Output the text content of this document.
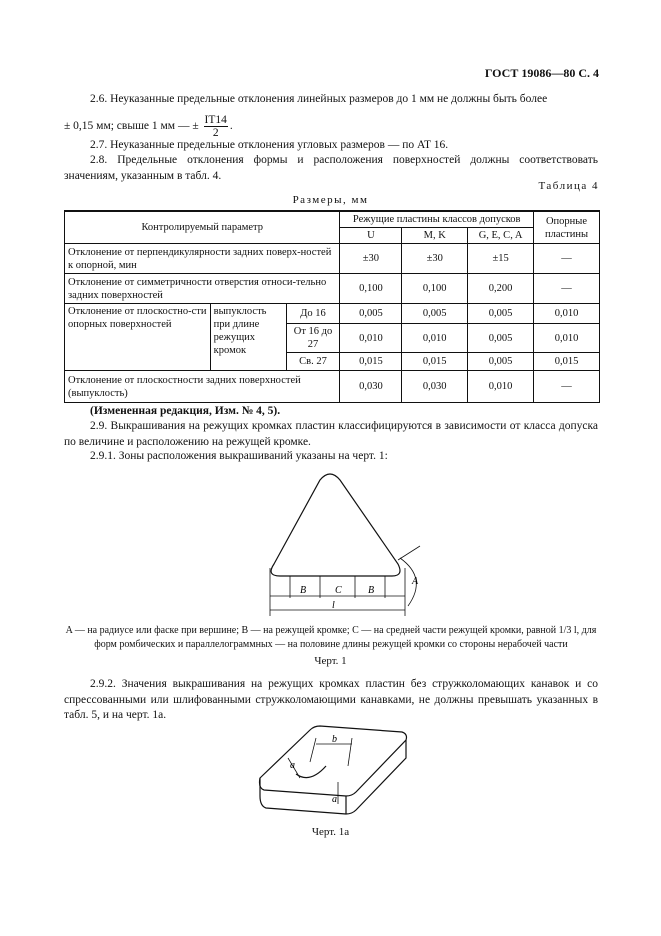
ГОСТ 19086—80 С. 4
2.6. Неуказанные предельные отклонения линейных размеров до 1 мм не должны быть более
± 0,15 мм; свыше 1 мм — ± $\frac{IT14}{2}$ .
2.7. Неуказанные предельные отклонения угловых размеров — по AT 16.
2.8. Предельные отклонения формы и расположения поверхностей должны соответствовать значениям, указанным в табл. 4.
Таблица 4
Размеры, мм
Контролируемый параметр			Режущие пластины классов допусков			Опорные пластины
			U	M, K	G, E, C, A	
Отклонение от перпендикулярности задних поверх-ностей к опорной, мин			±30	±30	±15	—
Отклонение от симметричности отверстия относи-тельно задних поверхностей			0,100	0,100	0,200	—
Отклонение от плоскостно-сти опорных поверхностей	выпуклость при длине режущих кромок	До 16	0,005	0,005	0,005	0,010
		От 16 до 27	0,010	0,010	0,005	0,010
		Св. 27	0,015	0,015	0,005	0,015
Отклонение от плоскостности задних поверхностей (выпуклость)			0,030	0,030	0,010	—
(Измененная редакция, Изм. № 4, 5).
2.9. Выкрашивания на режущих кромках пластин классифицируются в зависимости от класса допуска по величине и расположению на режущей кромке.
2.9.1. Зоны расположения выкрашиваний указаны на черт. 1:
B	C	B
l
A
A — на радиусе или фаске при вершине; B — на режущей кромке; C — на средней части режущей кромки, равной 1/3 l, для
форм ромбических и параллелограммных — на половине длины режущей кромки со стороны нерабочей части
Черт. 1
2.9.2. Значения выкрашивания на режущих кромках пластин без стружколомающих канавок и со спрессованными или шлифованными стружколомающими канавками, не должны превышать указанных в табл. 5, и на черт. 1а.
b
a
a
Черт. 1а
